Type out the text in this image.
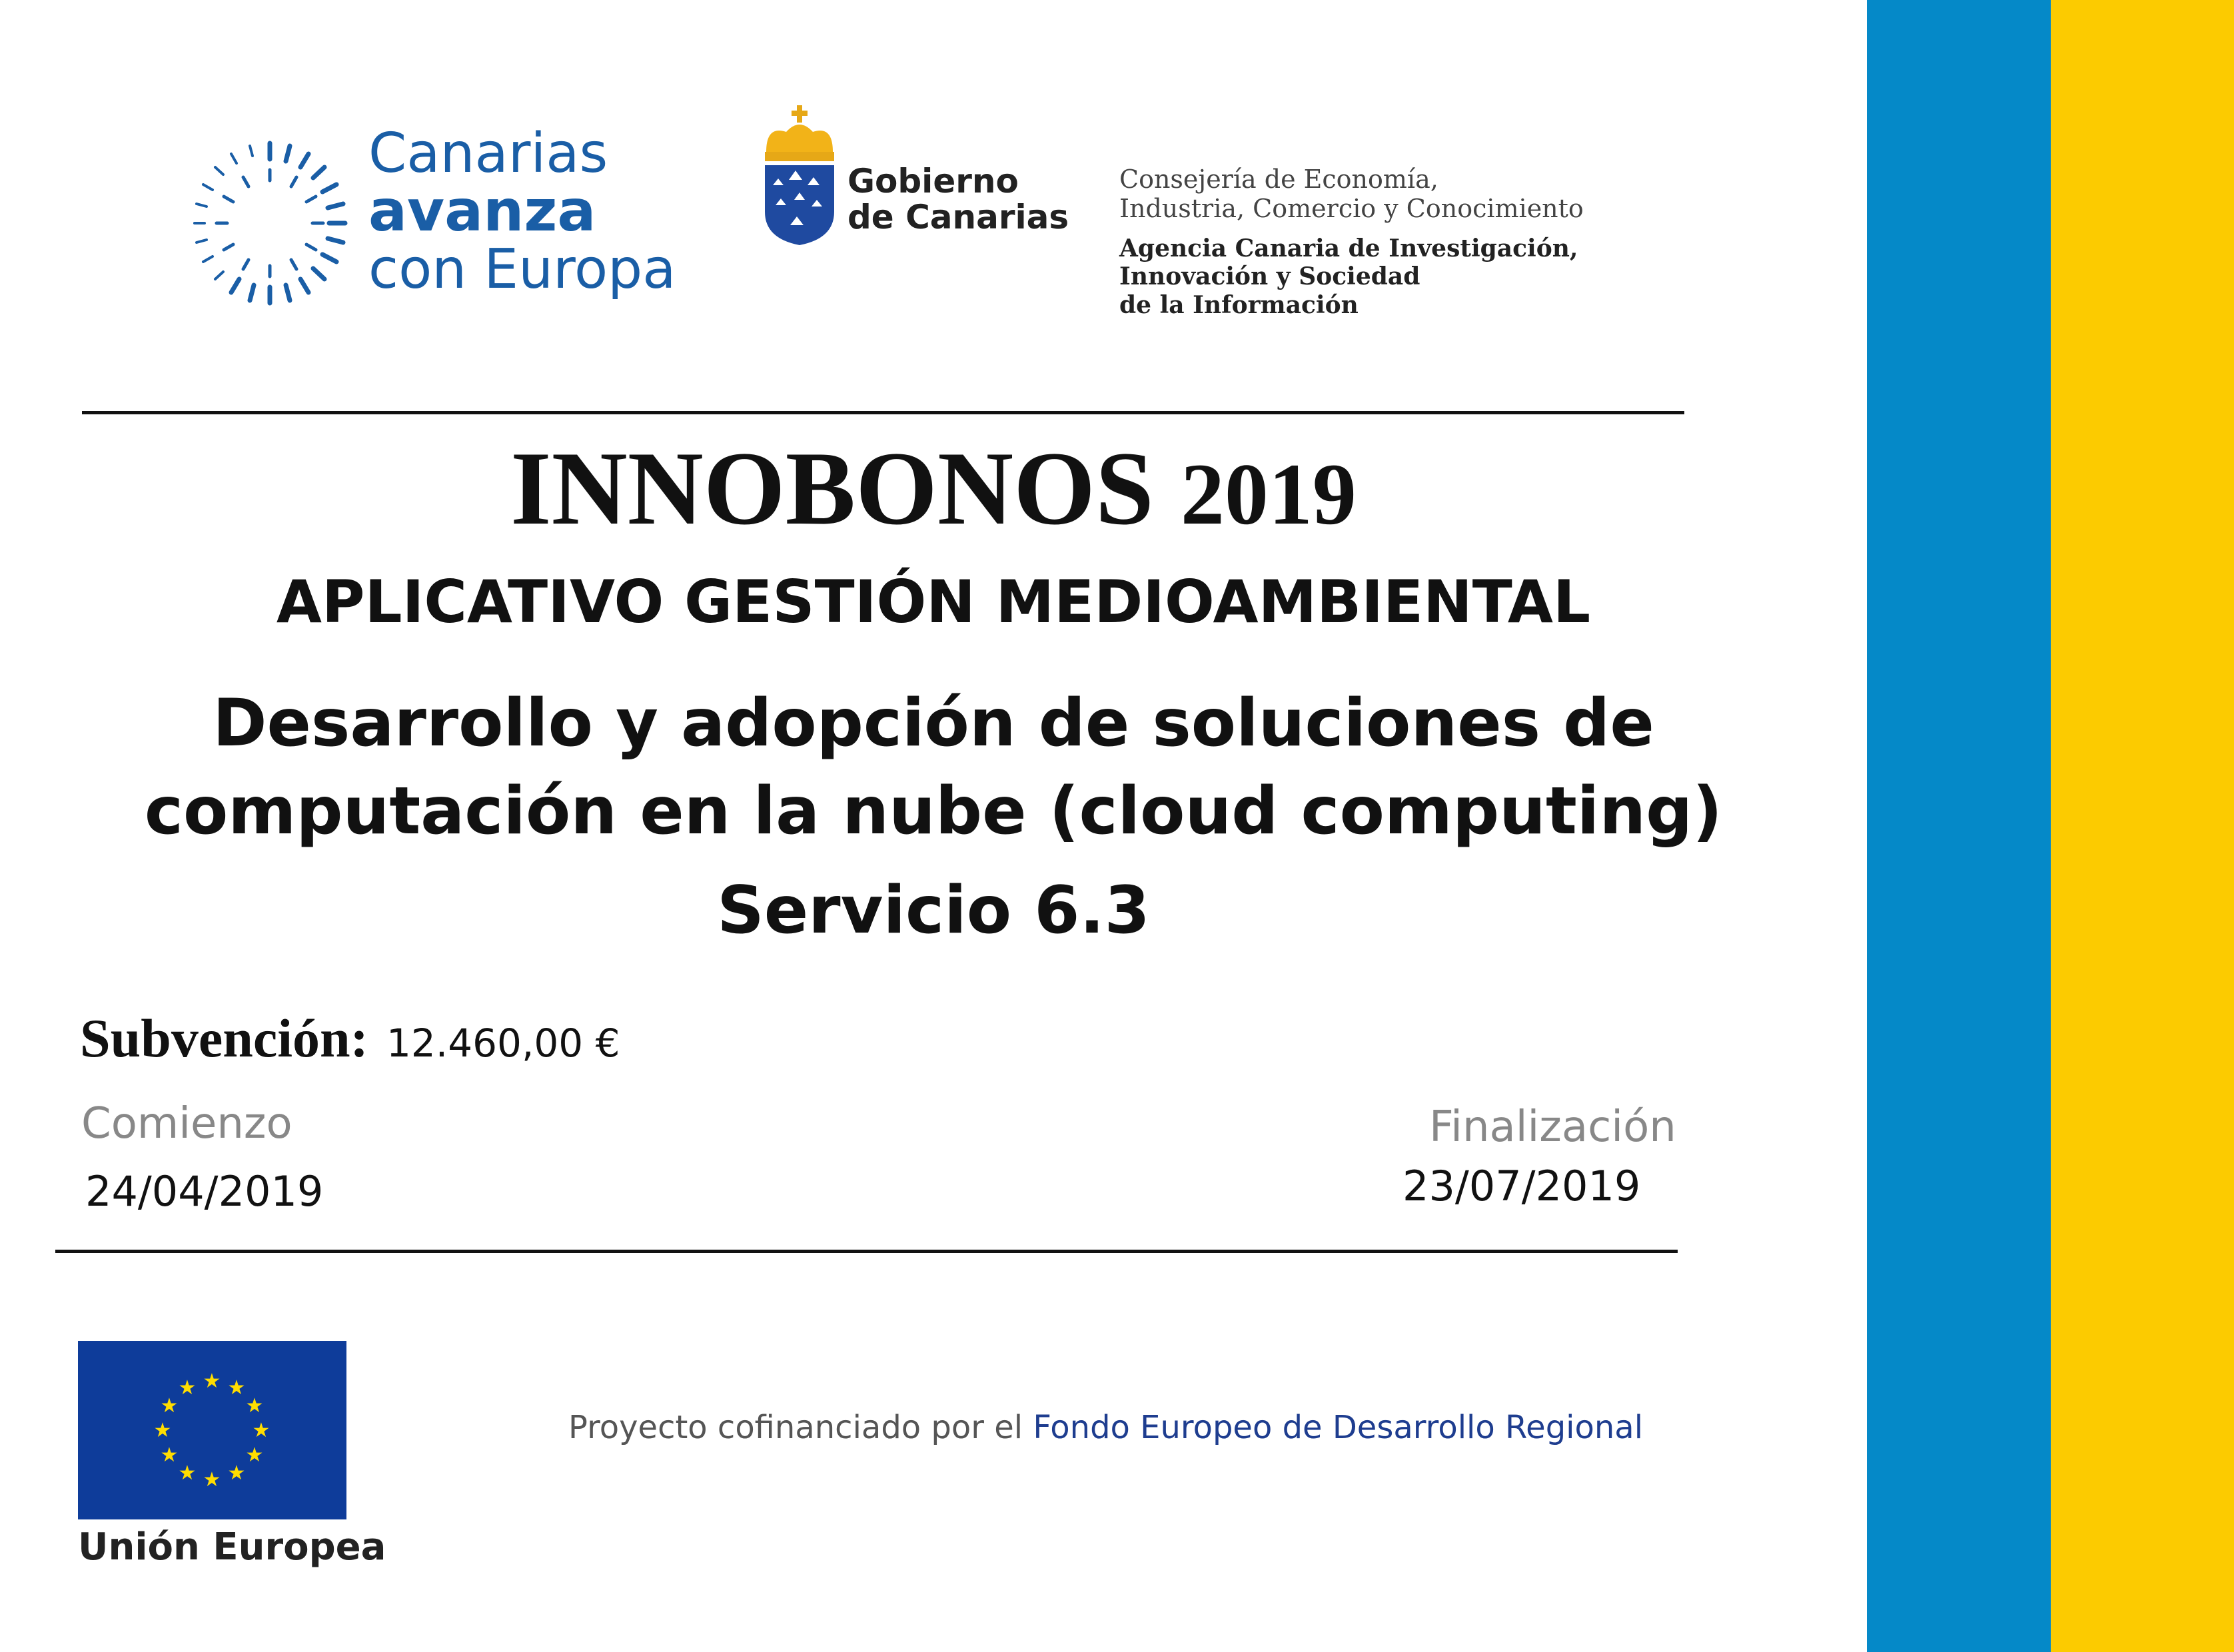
Canarias
avanza
con Europa
Gobierno
de Canarias
Consejería de Economía,
Industria, Comercio y Conocimiento
Agencia Canaria de Investigación,
Innovación y Sociedad
de la Información
INNOBONOS 2019
APLICATIVO GESTIÓN MEDIOAMBIENTAL
Desarrollo y adopción de soluciones de
computación en la nube (cloud computing)
Servicio 6.3
Subvención: 12.460,00 €
Comienzo
24/04/2019
Finalización
23/07/2019
★ ★
★
★
★
★
★
★
★
★
★
★
Unión Europea
Proyecto cofinanciado por el Fondo Europeo de Desarrollo Regional
